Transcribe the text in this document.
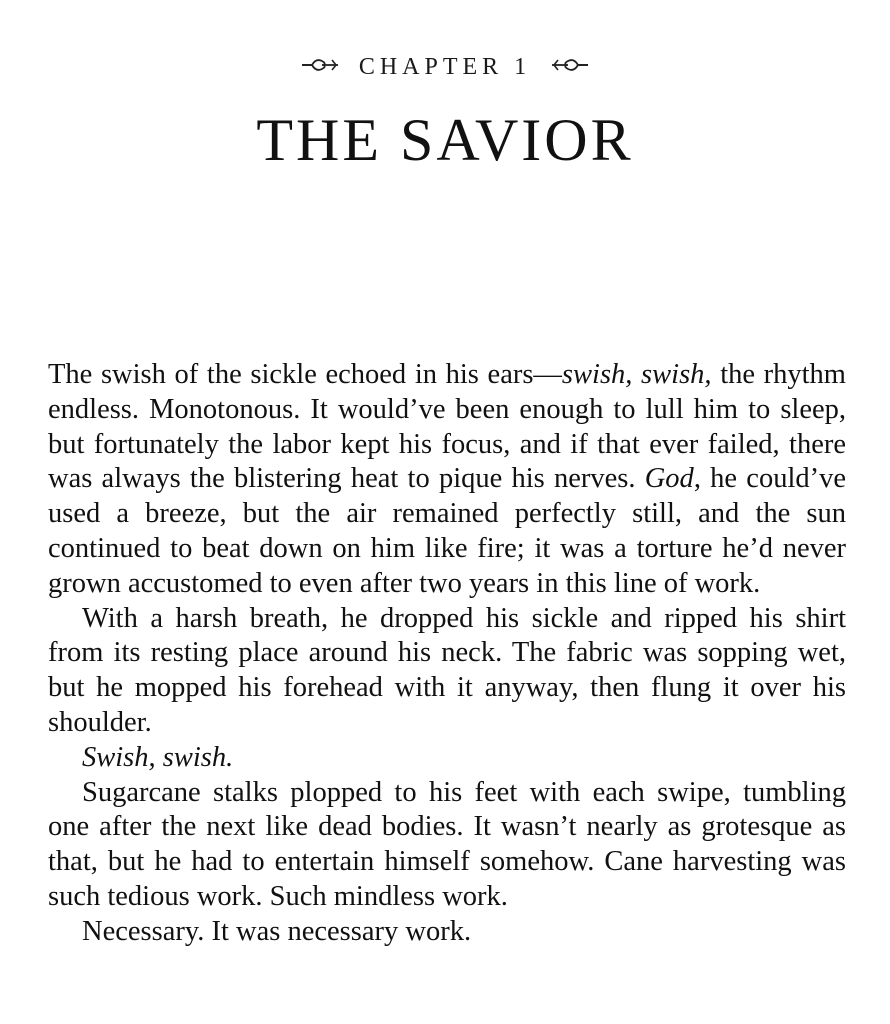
CHAPTER 1
THE SAVIOR

The swish of the sickle echoed in his ears—swish, swish, the rhythm endless. Monotonous. It would’ve been enough to lull him to sleep, but fortunately the labor kept his focus, and if that ever failed, there was always the blistering heat to pique his nerves. God, he could’ve used a breeze, but the air remained perfectly still, and the sun continued to beat down on him like fire; it was a torture he’d never grown accustomed to even after two years in this line of work.

With a harsh breath, he dropped his sickle and ripped his shirt from its resting place around his neck. The fabric was sopping wet, but he mopped his forehead with it anyway, then flung it over his shoulder.

Swish, swish.

Sugarcane stalks plopped to his feet with each swipe, tumbling one after the next like dead bodies. It wasn’t nearly as grotesque as that, but he had to entertain himself somehow. Cane harvesting was such tedious work. Such mindless work.

Necessary. It was necessary work.
